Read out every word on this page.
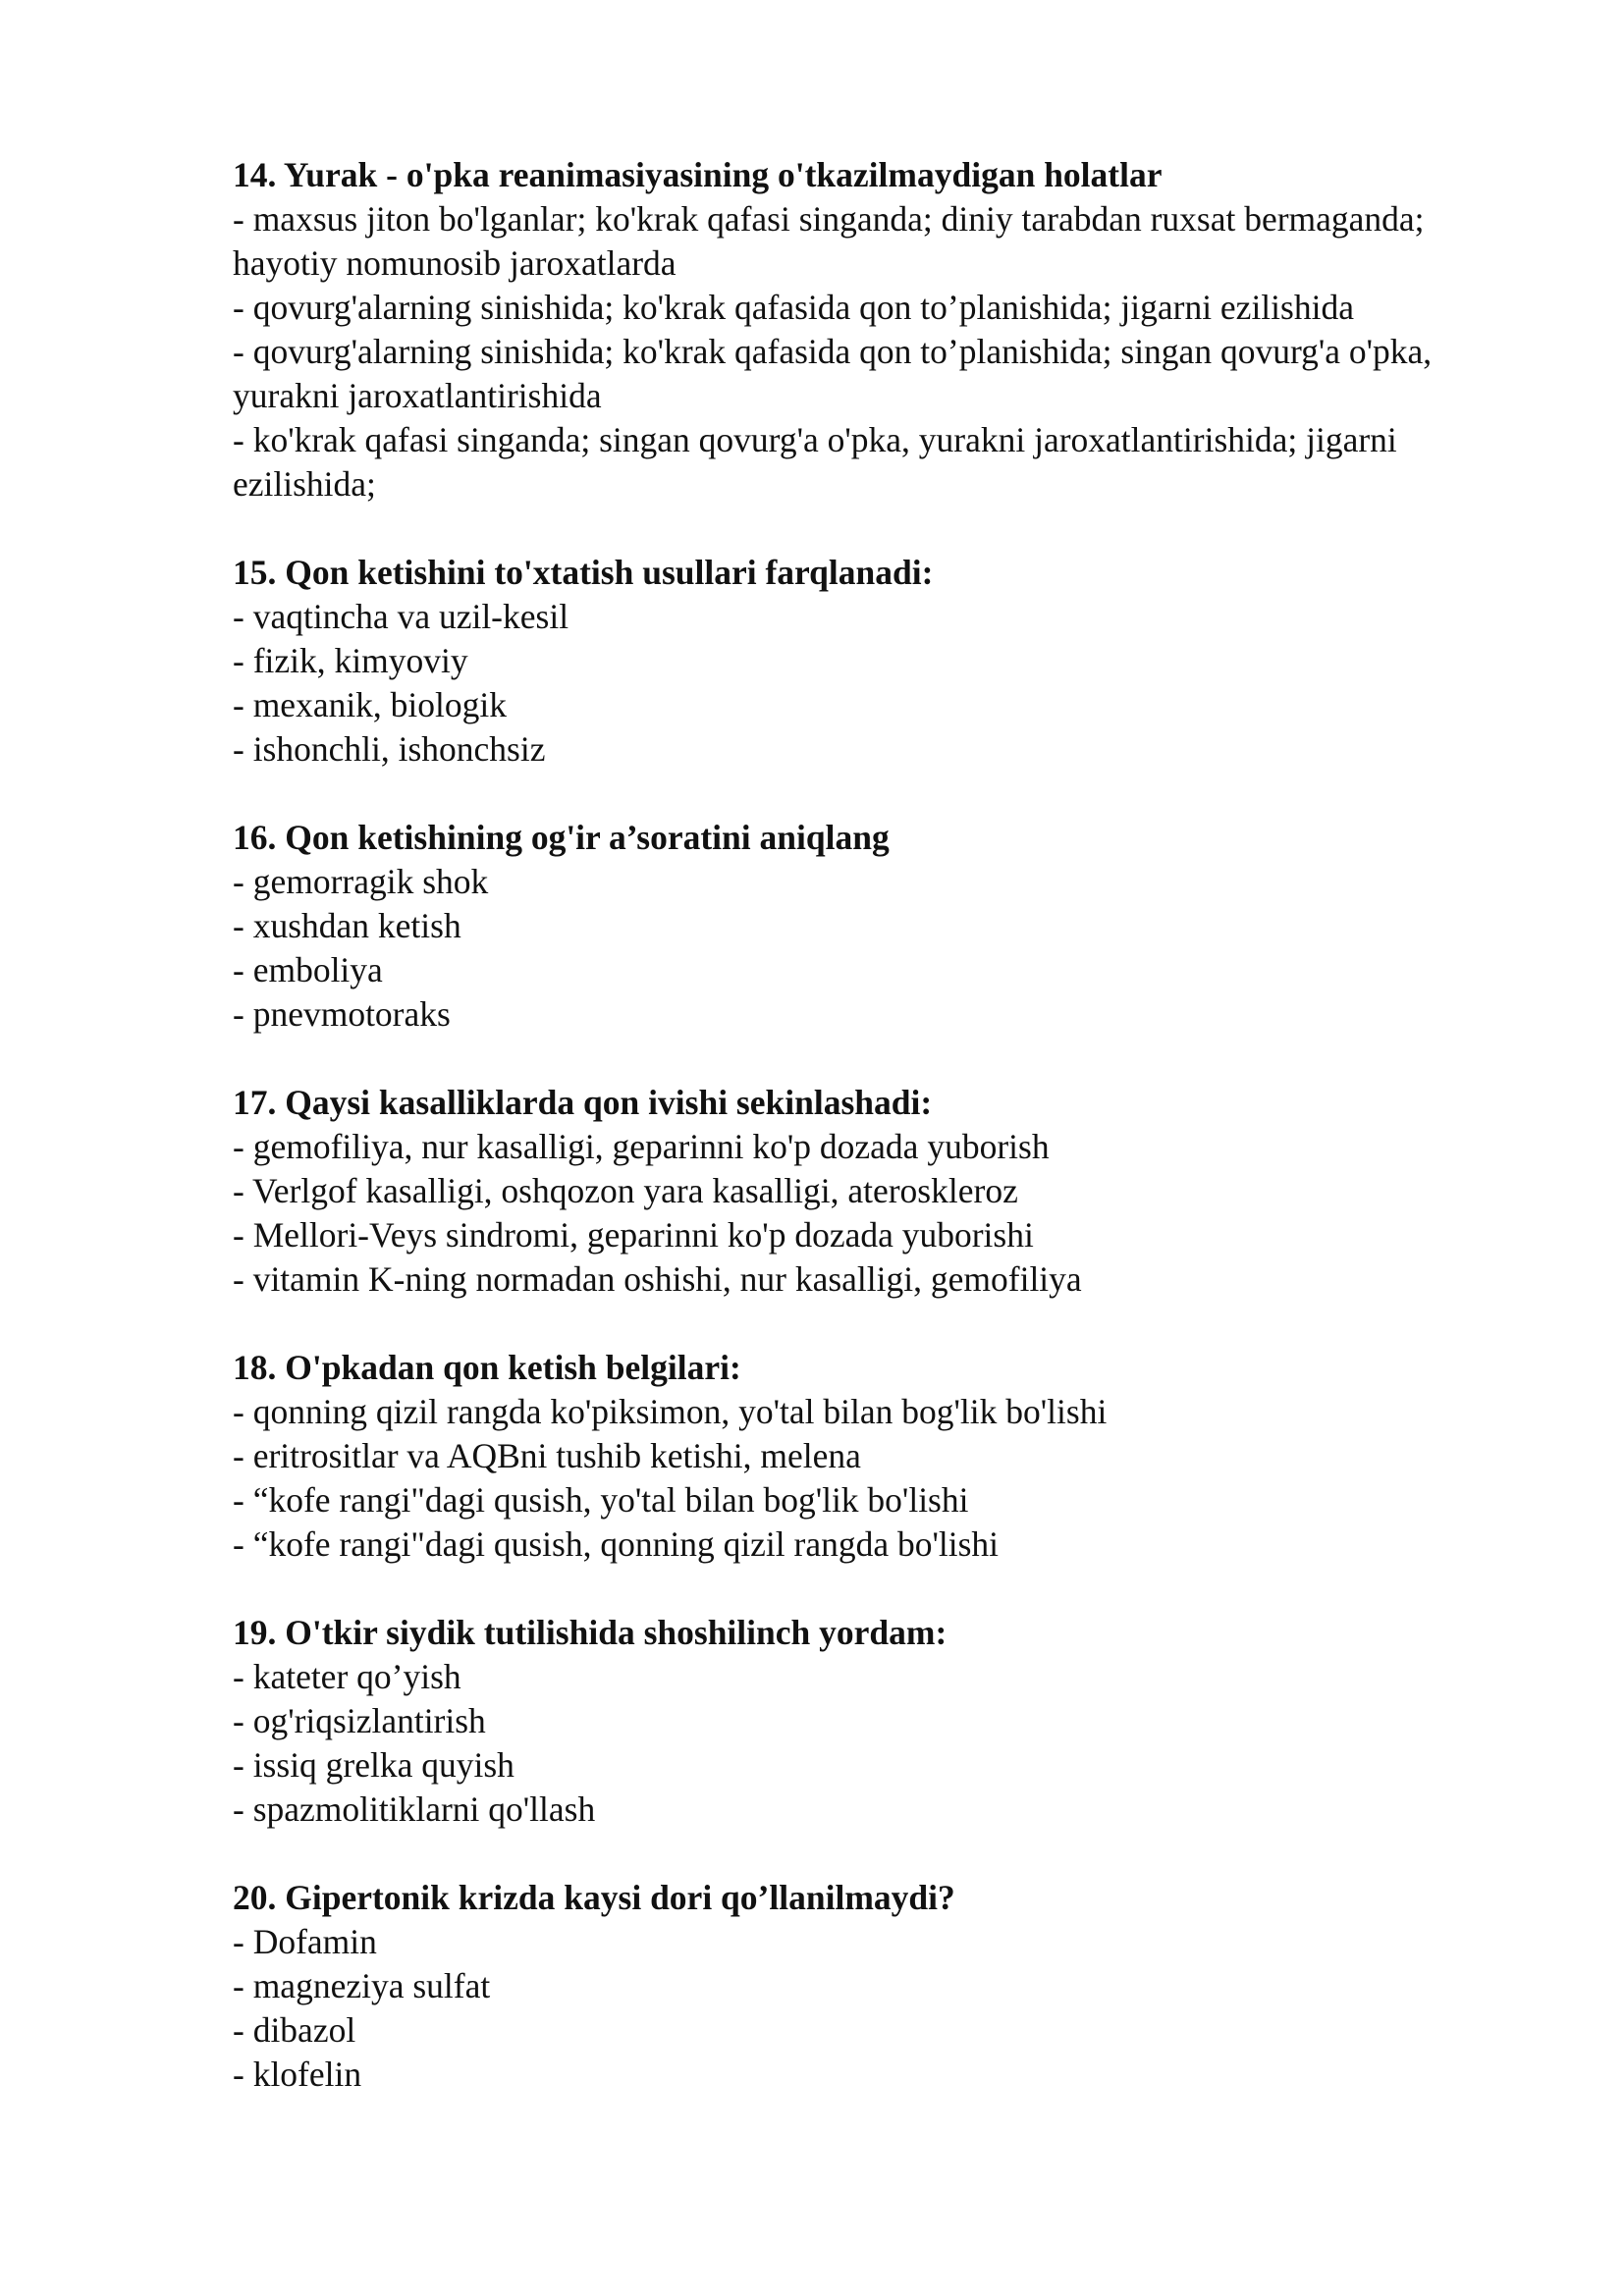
14. Yurak - o'pka reanimasiyasining o'tkazilmaydigan holatlar
- maxsus jiton bo'lganlar; ko'krak qafasi singanda; diniy tarabdan ruxsat bermaganda; hayotiy nomunosib jaroxatlarda
- qovurg'alarning sinishida; ko'krak qafasida qon to’planishida; jigarni ezilishida
- qovurg'alarning sinishida; ko'krak qafasida qon to’planishida; singan qovurg'a o'pka, yurakni jaroxatlantirishida
- ko'krak qafasi singanda; singan qovurg'a o'pka, yurakni jaroxatlantirishida; jigarni ezilishida;
15. Qon ketishini to'xtatish usullari farqlanadi:
- vaqtincha va uzil-kesil
- fizik, kimyoviy
- mexanik, biologik
- ishonchli, ishonchsiz
16. Qon ketishining og'ir a’soratini aniqlang
- gemorragik shok
- xushdan ketish
- emboliya
- pnevmotoraks
17. Qaysi kasalliklarda qon ivishi sekinlashadi:
- gemofiliya, nur kasalligi, geparinni ko'p dozada yuborish
- Verlgof kasalligi, oshqozon yara kasalligi, ateroskleroz
- Mellori-Veys sindromi, geparinni ko'p dozada yuborishi
- vitamin K-ning normadan oshishi, nur kasalligi, gemofiliya
18. O'pkadan qon ketish belgilari:
- qonning qizil rangda ko'piksimon, yo'tal bilan bog'lik bo'lishi
- eritrositlar va AQBni tushib ketishi, melena
- “kofe rangi"dagi qusish, yo'tal bilan bog'lik bo'lishi
- “kofe rangi"dagi qusish, qonning qizil rangda bo'lishi
19. O'tkir siydik tutilishida shoshilinch yordam:
- kateter qo’yish
- og'riqsizlantirish
- issiq grelka quyish
- spazmolitiklarni qo'llash
20. Gipertonik krizda kaysi dori qo’llanilmaydi?
- Dofamin
- magneziya sulfat
- dibazol
- klofelin
